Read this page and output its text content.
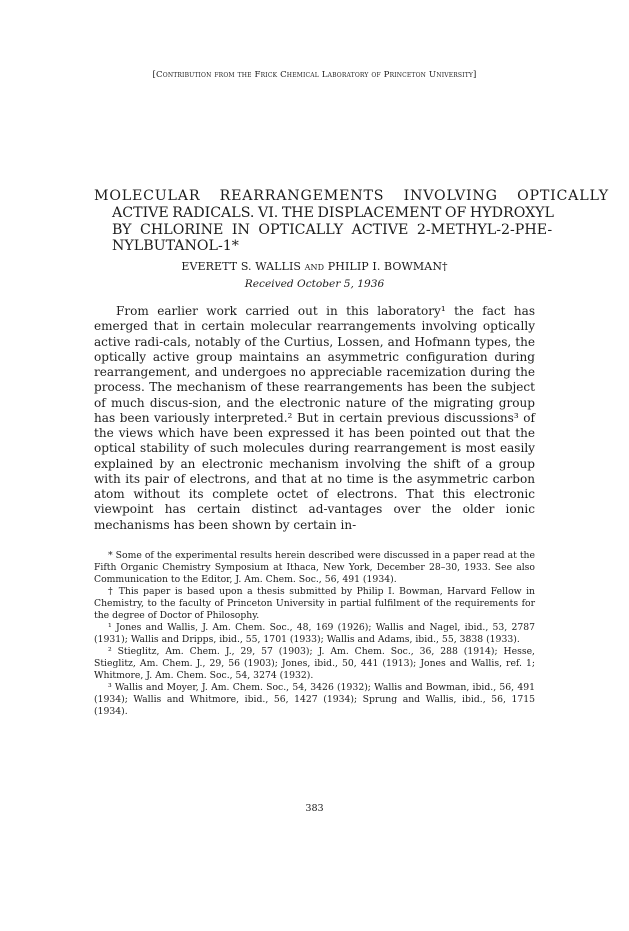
[Contribution from the Frick Chemical Laboratory of Princeton University]
MOLECULAR REARRANGEMENTS INVOLVING OPTICALLY
ACTIVE RADICALS. VI. THE DISPLACEMENT OF HYDROXYL
BY CHLORINE IN OPTICALLY ACTIVE 2-METHYL-2-PHE-
NYLBUTANOL-1*
EVERETT S. WALLIS and PHILIP I. BOWMAN†
Received October 5, 1936

From earlier work carried out in this laboratory¹ the fact has emerged that in certain molecular rearrangements involving optically active radi-cals, notably of the Curtius, Lossen, and Hofmann types, the optically active group maintains an asymmetric configuration during rearrangement, and undergoes no appreciable racemization during the process. The mechanism of these rearrangements has been the subject of much discus-sion, and the electronic nature of the migrating group has been variously interpreted.² But in certain previous discussions³ of the views which have been expressed it has been pointed out that the optical stability of such molecules during rearrangement is most easily explained by an electronic mechanism involving the shift of a group with its pair of electrons, and that at no time is the asymmetric carbon atom without its complete octet of electrons. That this electronic viewpoint has certain distinct ad-vantages over the older ionic mechanisms has been shown by certain in-

* Some of the experimental results herein described were discussed in a paper read at the Fifth Organic Chemistry Symposium at Ithaca, New York, December 28–30, 1933. See also Communication to the Editor, J. Am. Chem. Soc., 56, 491 (1934).

† This paper is based upon a thesis submitted by Philip I. Bowman, Harvard Fellow in Chemistry, to the faculty of Princeton University in partial fulfilment of the requirements for the degree of Doctor of Philosophy.

¹ Jones and Wallis, J. Am. Chem. Soc., 48, 169 (1926); Wallis and Nagel, ibid., 53, 2787 (1931); Wallis and Dripps, ibid., 55, 1701 (1933); Wallis and Adams, ibid., 55, 3838 (1933).

² Stieglitz, Am. Chem. J., 29, 57 (1903); J. Am. Chem. Soc., 36, 288 (1914); Hesse, Stieglitz, Am. Chem. J., 29, 56 (1903); Jones, ibid., 50, 441 (1913); Jones and Wallis, ref. 1; Whitmore, J. Am. Chem. Soc., 54, 3274 (1932).

³ Wallis and Moyer, J. Am. Chem. Soc., 54, 3426 (1932); Wallis and Bowman, ibid., 56, 491 (1934); Wallis and Whitmore, ibid., 56, 1427 (1934); Sprung and Wallis, ibid., 56, 1715 (1934).

383
